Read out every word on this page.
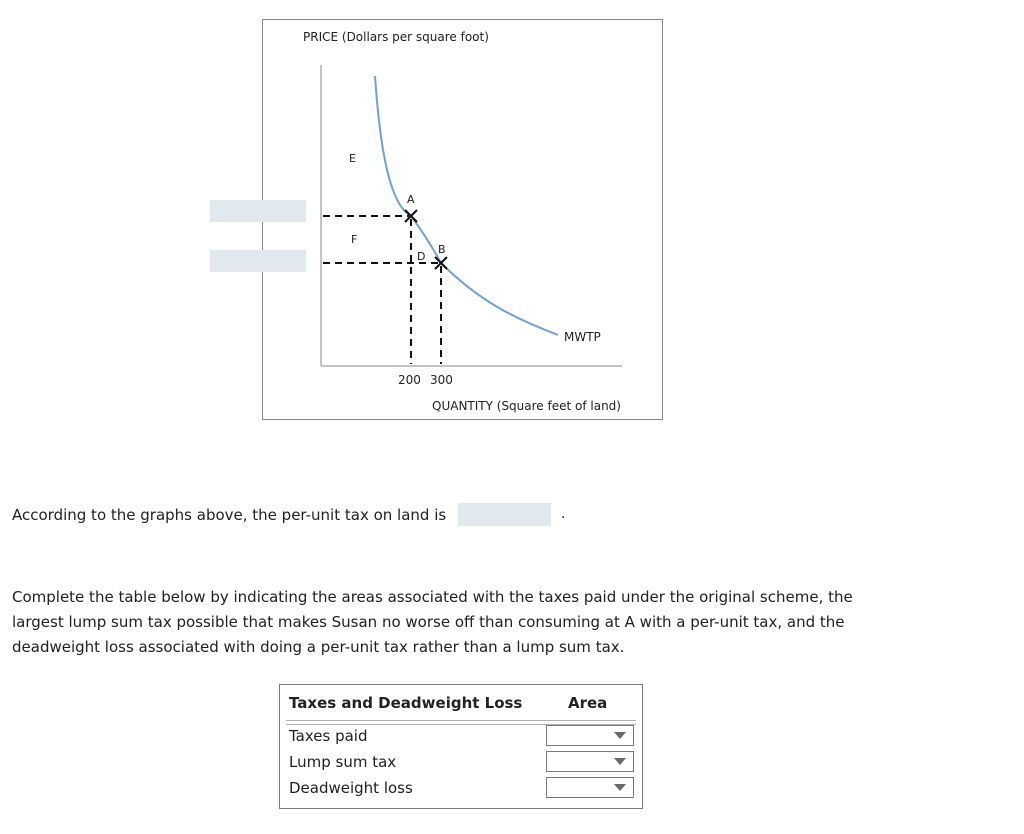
PRICE (Dollars per square foot)
QUANTITY (Square feet of land)
MWTP
A
B
E
F
D
200 300
According to the graphs above, the per-unit tax on land is	.
Complete the table below by indicating the areas associated with the taxes paid under the original scheme, the largest lump sum tax possible that makes Susan no worse off than consuming at A with a per-unit tax, and the deadweight loss associated with doing a per-unit tax rather than a lump sum tax.
Taxes and Deadweight Loss	Area
Taxes paid
Lump sum tax
Deadweight loss
